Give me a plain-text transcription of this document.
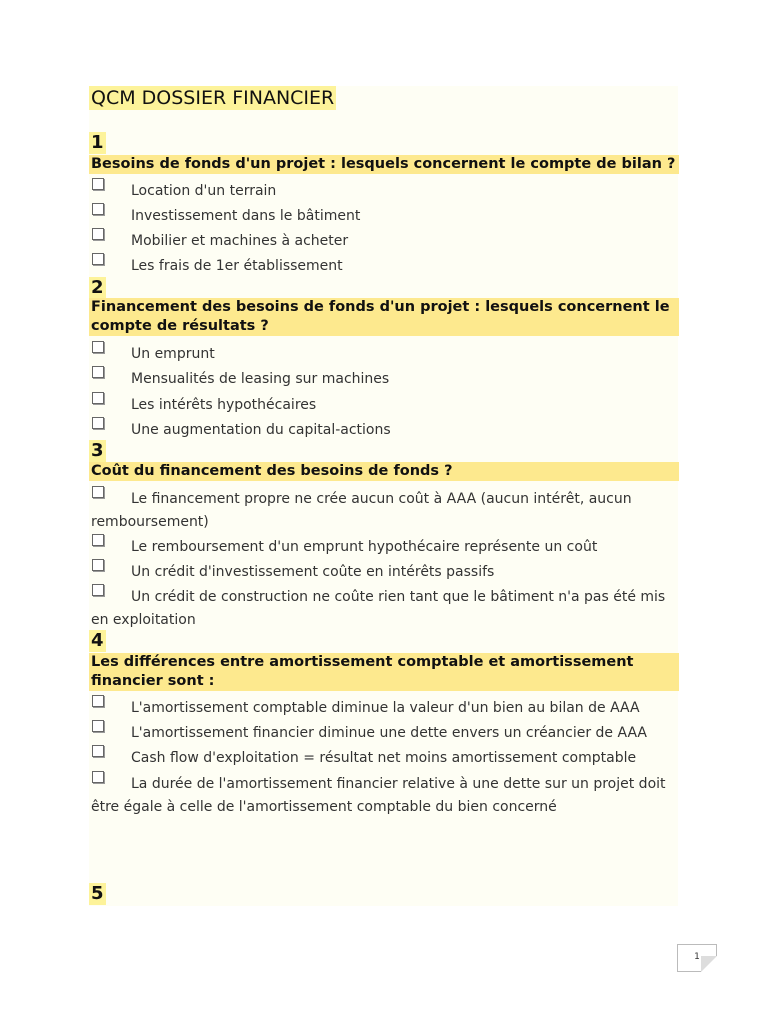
QCM DOSSIER FINANCIER
1
Besoins de fonds d'un projet : lesquels concernent le compte de bilan ?
Location d'un terrain
Investissement dans le bâtiment
Mobilier et machines à acheter
Les frais de 1er établissement
2
Financement des besoins de fonds d'un projet : lesquels concernent le compte de résultats ?
Un emprunt
Mensualités de leasing sur machines
Les intérêts hypothécaires
Une augmentation du capital-actions
3
Coût du financement des besoins de fonds ?
Le financement propre ne crée aucun coût à AAA (aucun intérêt, aucun remboursement)
Le remboursement d'un emprunt hypothécaire représente un coût
Un crédit d'investissement coûte en intérêts passifs
Un crédit de construction ne coûte rien tant que le bâtiment n'a pas été mis en exploitation
4
Les différences entre amortissement comptable et amortissement financier sont :
L'amortissement comptable diminue la valeur d'un bien au bilan de AAA
L'amortissement financier diminue une dette envers un créancier de AAA
Cash flow d'exploitation = résultat net moins amortissement comptable
La durée de l'amortissement financier relative à une dette sur un projet doit être égale à celle de l'amortissement comptable du bien concerné
5
1
